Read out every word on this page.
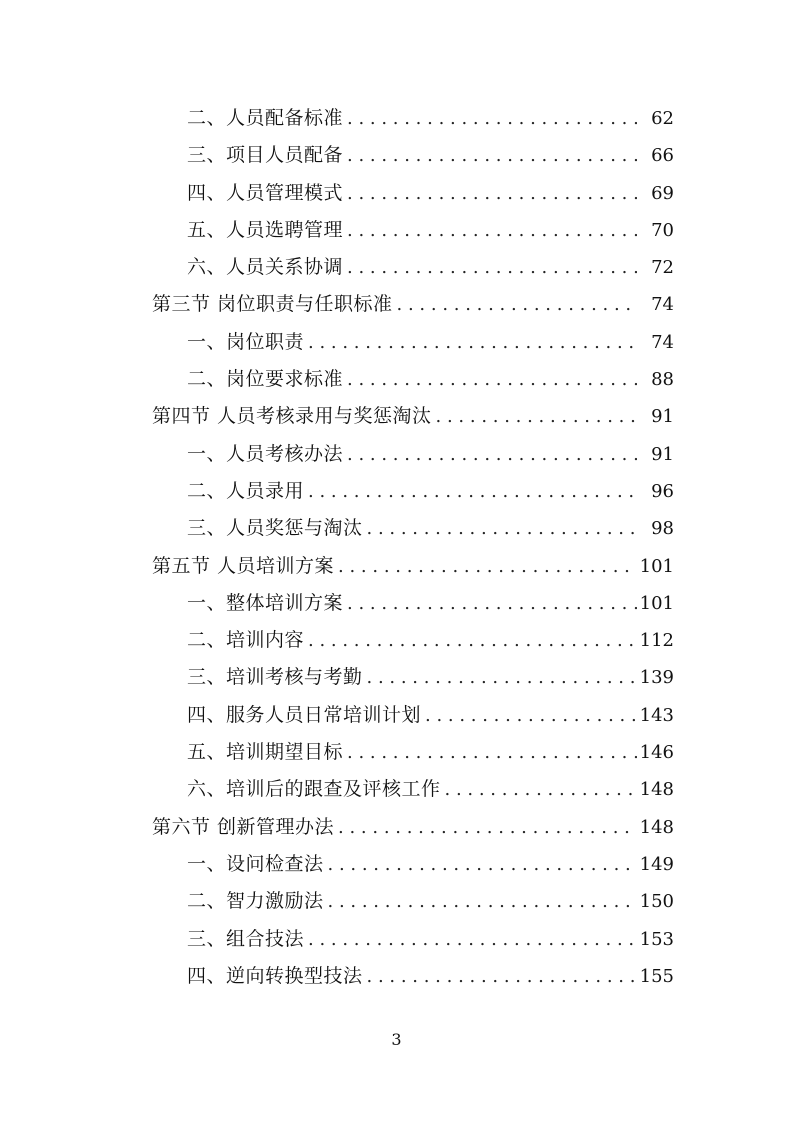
二、人员配备标准 . . .	62
三、项目人员配备 . . .	66
四、人员管理模式 . . .	69
五、人员选聘管理 . . .	70
六、人员关系协调 . . .	72
第三节 岗位职责与任职标准 . . .	74
一、岗位职责 . . .	74
二、岗位要求标准 . . .	88
第四节 人员考核录用与奖惩淘汰 . . .	91
一、人员考核办法 . . .	91
二、人员录用 . . .	96
三、人员奖惩与淘汰 . . .	98
第五节 人员培训方案 . . .	101
一、整体培训方案 . . .	101
二、培训内容 . . .	112
三、培训考核与考勤 . . .	139
四、服务人员日常培训计划 . . .	143
五、培训期望目标 . . .	146
六、培训后的跟查及评核工作 . . .	148
第六节 创新管理办法 . . .	148
一、设问检查法 . . .	149
二、智力激励法 . . .	150
三、组合技法 . . .	153
四、逆向转换型技法 . . .	155
3
